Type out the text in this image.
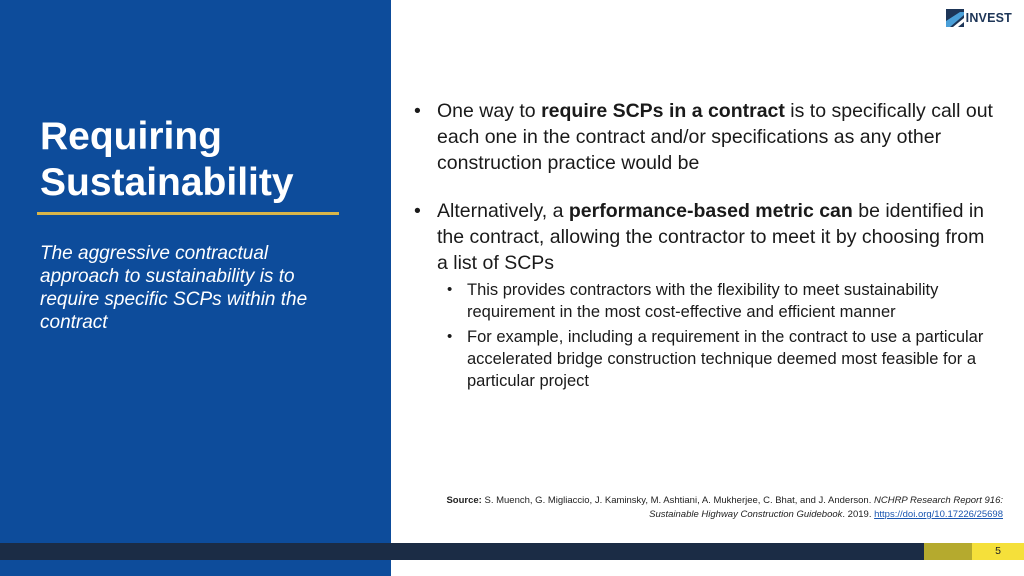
Requiring
Sustainability
The aggressive contractual approach to sustainability is to require specific SCPs within the contract
INVEST
• One way to require SCPs in a contract is to specifically call out each one in the contract and/or specifications as any other construction practice would be
• Alternatively, a performance-based metric can be identified in the contract, allowing the contractor to meet it by choosing from a list of SCPs
• This provides contractors with the flexibility to meet sustainability requirement in the most cost-effective and efficient manner
• For example, including a requirement in the contract to use a particular accelerated bridge construction technique deemed most feasible for a particular project
Source: S. Muench, G. Migliaccio, J. Kaminsky, M. Ashtiani, A. Mukherjee, C. Bhat, and J. Anderson. NCHRP Research Report 916: Sustainable Highway Construction Guidebook. 2019. https://doi.org/10.17226/25698
5
